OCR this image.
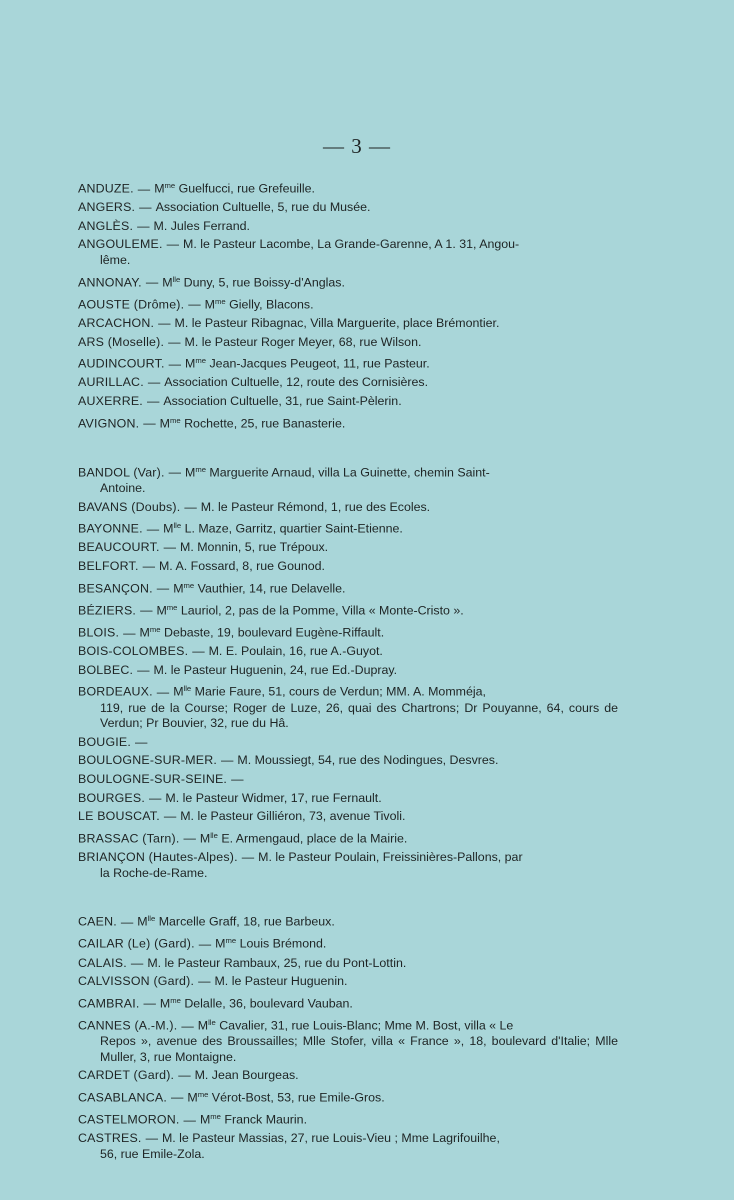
— 3 —
ANDUZE. — $M^{me}$ Guelfucci, rue Grefeuille.
ANGERS. — Association Cultuelle, 5, rue du Musée.
ANGLÈS. — M. Jules Ferrand.
ANGOULEME. — M. le Pasteur Lacombe, La Grande-Garenne, A 1. 31, Angou-
lême.
ANNONAY. — $M^{lle}$ Duny, 5, rue Boissy-d'Anglas.
AOUSTE (Drôme). — $M^{me}$ Gielly, Blacons.
ARCACHON. — M. le Pasteur Ribagnac, Villa Marguerite, place Brémontier.
ARS (Moselle). — M. le Pasteur Roger Meyer, 68, rue Wilson.
AUDINCOURT. — $M^{me}$ Jean-Jacques Peugeot, 11, rue Pasteur.
AURILLAC. — Association Cultuelle, 12, route des Cornisières.
AUXERRE. — Association Cultuelle, 31, rue Saint-Pèlerin.
AVIGNON. — $M^{me}$ Rochette, 25, rue Banasterie.
BANDOL (Var). — $M^{me}$ Marguerite Arnaud, villa La Guinette, chemin Saint-
Antoine.
BAVANS (Doubs). — M. le Pasteur Rémond, 1, rue des Ecoles.
BAYONNE. — $M^{lle}$ L. Maze, Garritz, quartier Saint-Etienne.
BEAUCOURT. — M. Monnin, 5, rue Trépoux.
BELFORT. — M. A. Fossard, 8, rue Gounod.
BESANÇON. — $M^{me}$ Vauthier, 14, rue Delavelle.
BÉZIERS. — $M^{me}$ Lauriol, 2, pas de la Pomme, Villa « Monte-Cristo ».
BLOIS. — $M^{me}$ Debaste, 19, boulevard Eugène-Riffault.
BOIS-COLOMBES. — M. E. Poulain, 16, rue A.-Guyot.
BOLBEC. — M. le Pasteur Huguenin, 24, rue Ed.-Dupray.
BORDEAUX. — $M^{lle}$ Marie Faure, 51, cours de Verdun; MM. A. Momméja,
119, rue de la Course; Roger de Luze, 26, quai des Chartrons; Dr Pouyanne, 64, cours de Verdun; Pr Bouvier, 32, rue du Hâ.
BOUGIE. —
BOULOGNE-SUR-MER. — M. Moussiegt, 54, rue des Nodingues, Desvres.
BOULOGNE-SUR-SEINE. —
BOURGES. — M. le Pasteur Widmer, 17, rue Fernault.
LE BOUSCAT. — M. le Pasteur Gilliéron, 73, avenue Tivoli.
BRASSAC (Tarn). — $M^{lle}$ E. Armengaud, place de la Mairie.
BRIANÇON (Hautes-Alpes). — M. le Pasteur Poulain, Freissinières-Pallons, par
la Roche-de-Rame.
CAEN. — $M^{lle}$ Marcelle Graff, 18, rue Barbeux.
CAILAR (Le) (Gard). — $M^{me}$ Louis Brémond.
CALAIS. — M. le Pasteur Rambaux, 25, rue du Pont-Lottin.
CALVISSON (Gard). — M. le Pasteur Huguenin.
CAMBRAI. — $M^{me}$ Delalle, 36, boulevard Vauban.
CANNES (A.-M.). — $M^{lle}$ Cavalier, 31, rue Louis-Blanc; Mme M. Bost, villa « Le
Repos », avenue des Broussailles; Mlle Stofer, villa « France », 18, boulevard d'Italie; Mlle Muller, 3, rue Montaigne.
CARDET (Gard). — M. Jean Bourgeas.
CASABLANCA. — $M^{me}$ Vérot-Bost, 53, rue Emile-Gros.
CASTELMORON. — $M^{me}$ Franck Maurin.
CASTRES. — M. le Pasteur Massias, 27, rue Louis-Vieu ; Mme Lagrifouilhe,
56, rue Emile-Zola.
